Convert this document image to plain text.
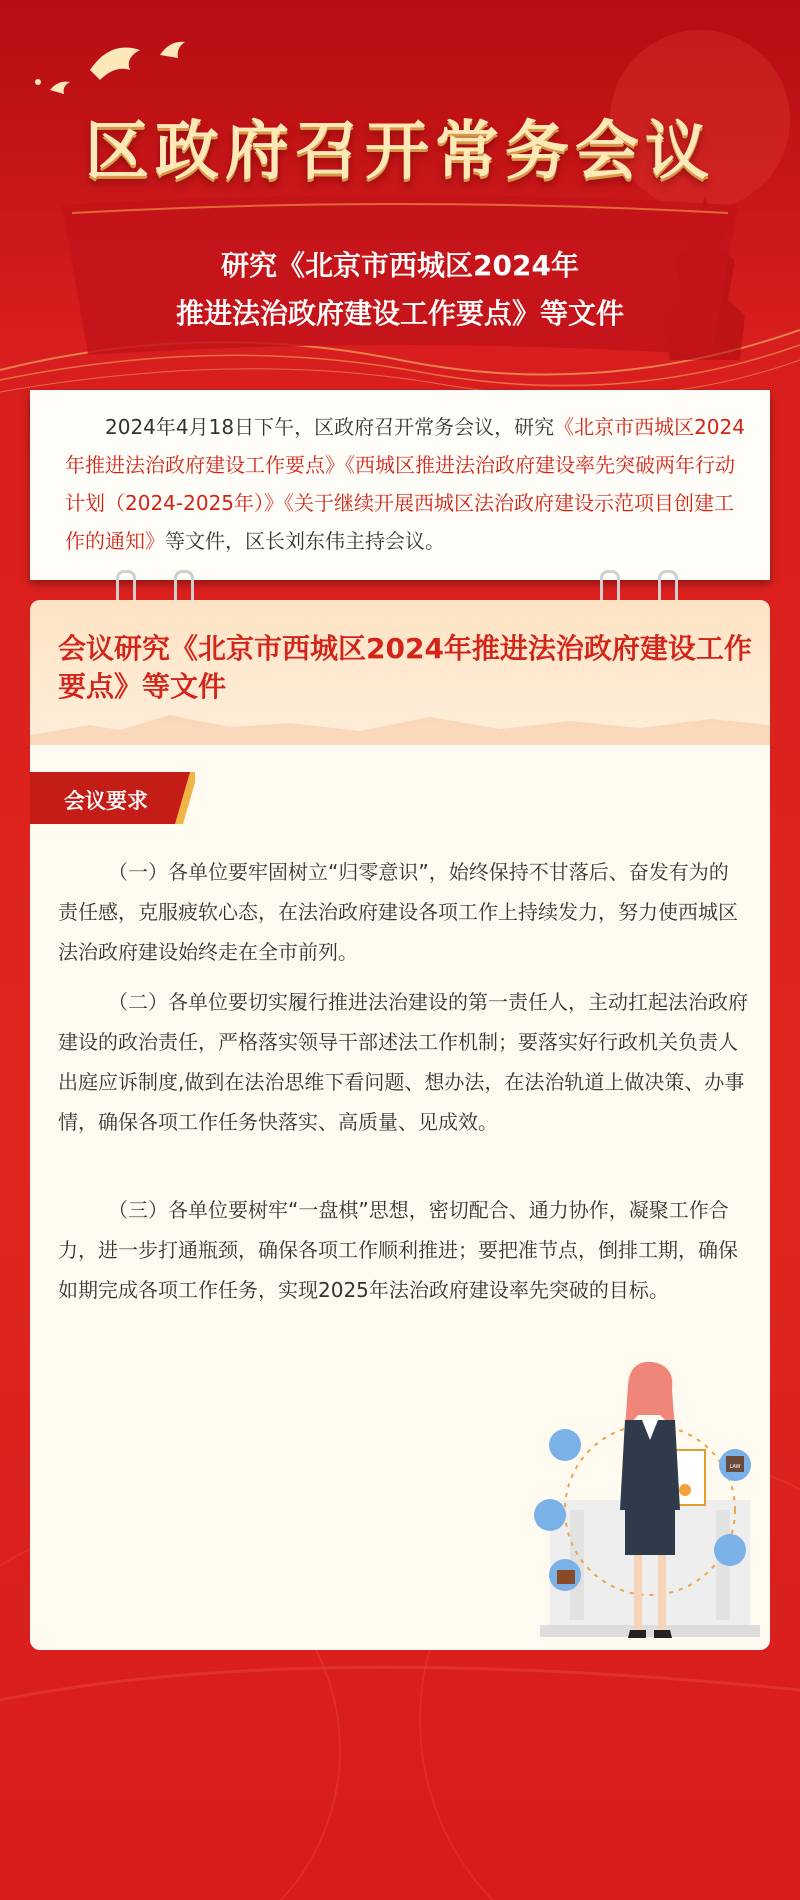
区政府召开常务会议
研究《北京市西城区2024年
推进法治政府建设工作要点》等文件
2024年4月18日下午，区政府召开常务会议，研究《北京市西城区2024年推进法治政府建设工作要点》《西城区推进法治政府建设率先突破两年行动计划（2024-2025年）》《关于继续开展西城区法治政府建设示范项目创建工作的通知》等文件，区长刘东伟主持会议。
会议研究《北京市西城区2024年推进法治政府建设工作要点》等文件
会议要求
（一）各单位要牢固树立“归零意识”，始终保持不甘落后、奋发有为的责任感，克服疲软心态，在法治政府建设各项工作上持续发力，努力使西城区法治政府建设始终走在全市前列。
（二）各单位要切实履行推进法治建设的第一责任人，主动扛起法治政府建设的政治责任，严格落实领导干部述法工作机制；要落实好行政机关负责人出庭应诉制度,做到在法治思维下看问题、想办法，在法治轨道上做决策、办事情，确保各项工作任务快落实、高质量、见成效。
（三）各单位要树牢“一盘棋”思想，密切配合、通力协作，凝聚工作合力，进一步打通瓶颈，确保各项工作顺利推进；要把准节点，倒排工期，确保如期完成各项工作任务，实现2025年法治政府建设率先突破的目标。
LAW
